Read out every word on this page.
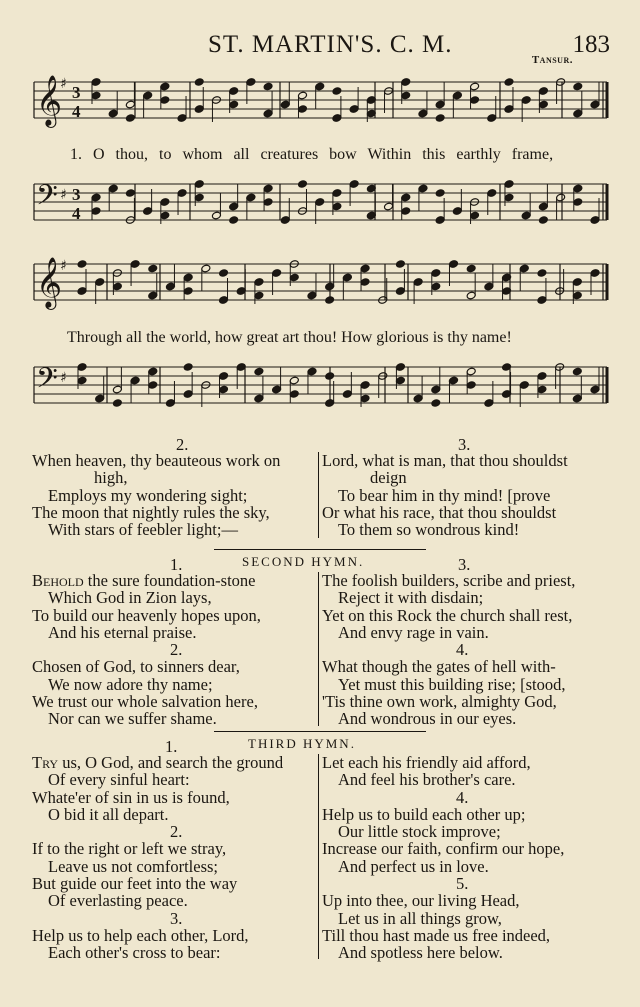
ST. MARTIN'S. C. M.	183
Tansur.
𝄞
♯ 3
4
𝄢 ♯ 3
4
𝄞
♯
𝄢 ♯
1. O thou, to whom all creatures bow Within this earthly frame,
Through all the world, how great art thou! How glorious is thy name!
2.	3.
When heaven, thy beauteous work on
high,
Employs my wondering sight;
The moon that nightly rules the sky,
With stars of feebler light;—
Lord, what is man, that thou shouldst
deign
To bear him in thy mind! [prove
Or what his race, that thou shouldst
To them so wondrous kind!
1.	SECOND HYMN.	3.
Behold the sure foundation-stone
Which God in Zion lays,
To build our heavenly hopes upon,
And his eternal praise.
2.
Chosen of God, to sinners dear,
We now adore thy name;
We trust our whole salvation here,
Nor can we suffer shame.
The foolish builders, scribe and priest,
Reject it with disdain;
Yet on this Rock the church shall rest,
And envy rage in vain.
4.
What though the gates of hell with-
Yet must this building rise; [stood,
'Tis thine own work, almighty God,
And wondrous in our eyes.
1.	THIRD HYMN.
Try us, O God, and search the ground
Of every sinful heart:
Whate'er of sin in us is found,
O bid it all depart.
2.
If to the right or left we stray,
Leave us not comfortless;
But guide our feet into the way
Of everlasting peace.
3.
Help us to help each other, Lord,
Each other's cross to bear:
Let each his friendly aid afford,
And feel his brother's care.
4.
Help us to build each other up;
Our little stock improve;
Increase our faith, confirm our hope,
And perfect us in love.
5.
Up into thee, our living Head,
Let us in all things grow,
Till thou hast made us free indeed,
And spotless here below.
